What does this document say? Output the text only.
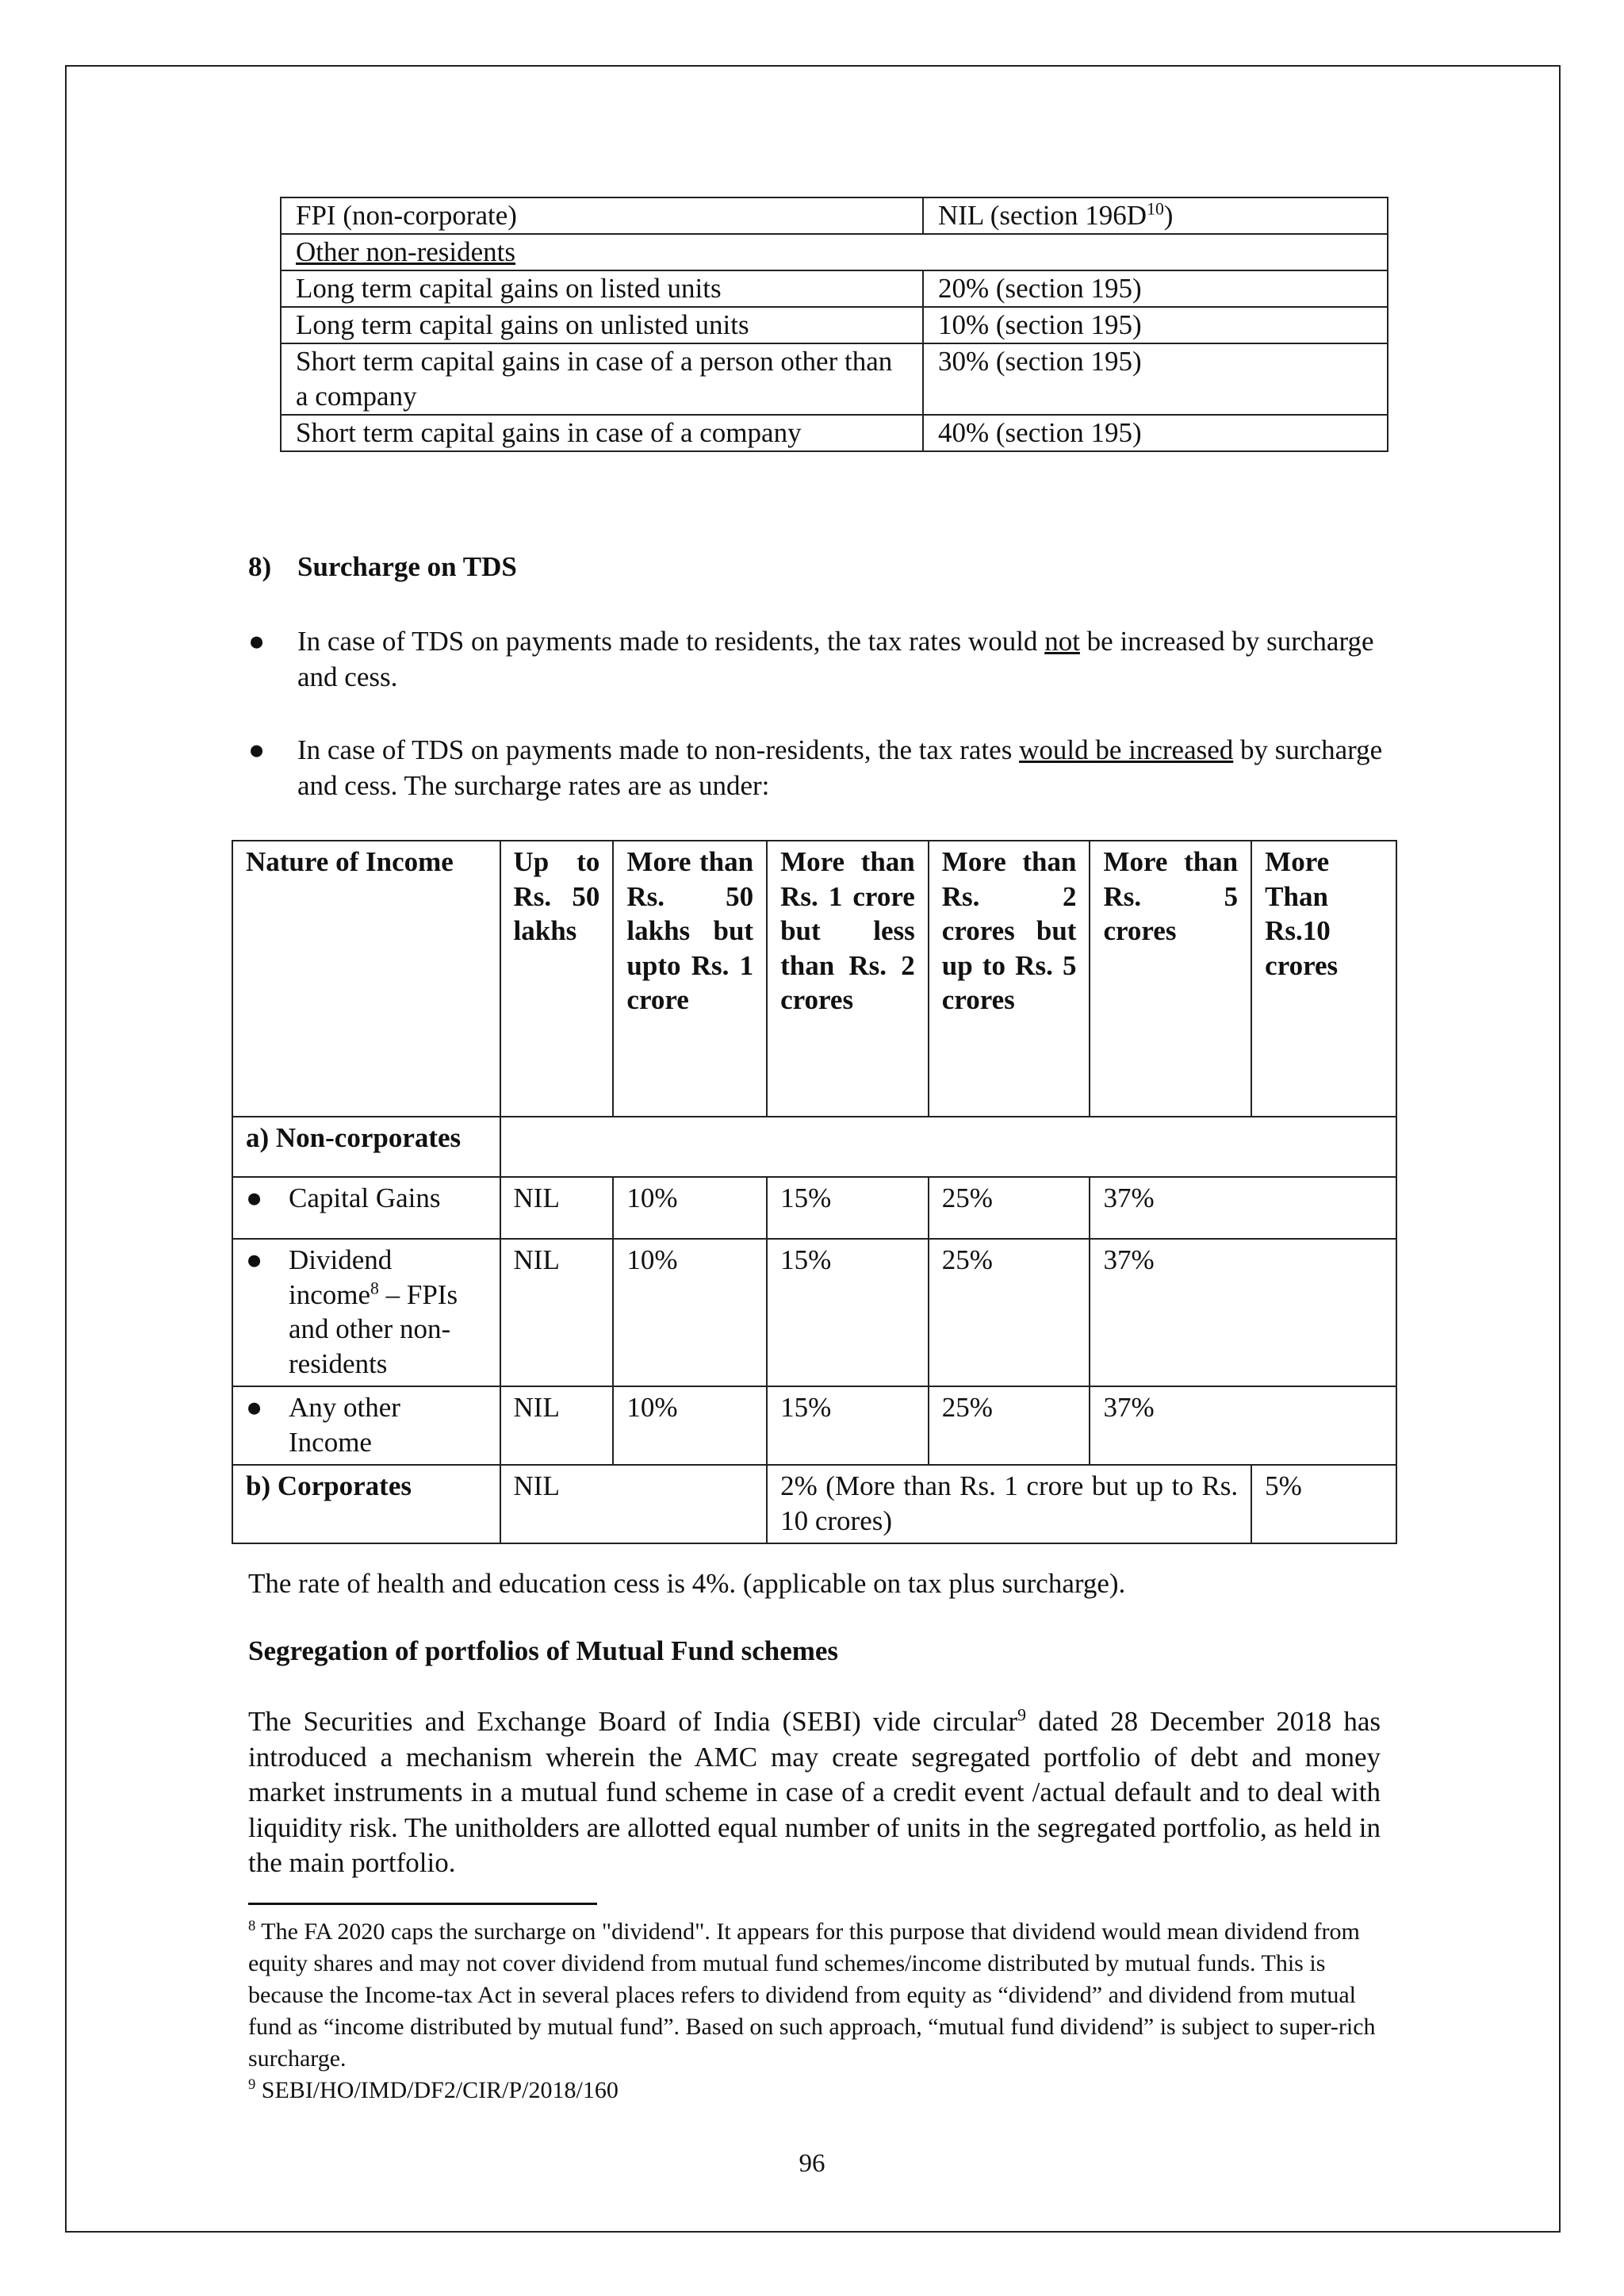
FPI (non-corporate)	NIL (section $196D^{10}$)
Other non-residents	
Long term capital gains on listed units	20% (section 195)
Long term capital gains on unlisted units	10% (section 195)
Short term capital gains in case of a person other than a company	30% (section 195)
Short term capital gains in case of a company	40% (section 195)
8) Surcharge on TDS
●	In case of TDS on payments made to residents, the tax rates would not be increased by surcharge and cess.
●	In case of TDS on payments made to non-residents, the tax rates would be increased by surcharge and cess. The surcharge rates are as under:
Nature of Income	Up to Rs. 50 lakhs	More than Rs. 50 lakhs but upto Rs. 1 crore	More than Rs. 1 crore but less than Rs. 2 crores	More than Rs. 2 crores but up to Rs. 5 crores	More than Rs. 5 crores	More Than Rs.10 crores
a) Non-corporates						

● Capital Gains	NIL	10%	15%	25%	37%	

● Dividend income$^8$ – FPIs and other non-residents	NIL	10%	15%	25%	37%	

● Any other Income	NIL	10%	15%	25%	37%	
b) Corporates	NIL		2% (More than Rs. 1 crore but up to Rs. 10 crores)			5%
The rate of health and education cess is 4%. (applicable on tax plus surcharge).
Segregation of portfolios of Mutual Fund schemes
The Securities and Exchange Board of India (SEBI) vide circular$^9$ dated 28 December 2018 has introduced a mechanism wherein the AMC may create segregated portfolio of debt and money market instruments in a mutual fund scheme in case of a credit event /actual default and to deal with liquidity risk. The unitholders are allotted equal number of units in the segregated portfolio, as held in the main portfolio.
$^8$ The FA 2020 caps the surcharge on "dividend". It appears for this purpose that dividend would mean dividend from equity shares and may not cover dividend from mutual fund schemes/income distributed by mutual funds. This is because the Income-tax Act in several places refers to dividend from equity as “dividend” and dividend from mutual fund as “income distributed by mutual fund”. Based on such approach, “mutual fund dividend” is subject to super-rich surcharge.
$^9$ SEBI/HO/IMD/DF2/CIR/P/2018/160
96
